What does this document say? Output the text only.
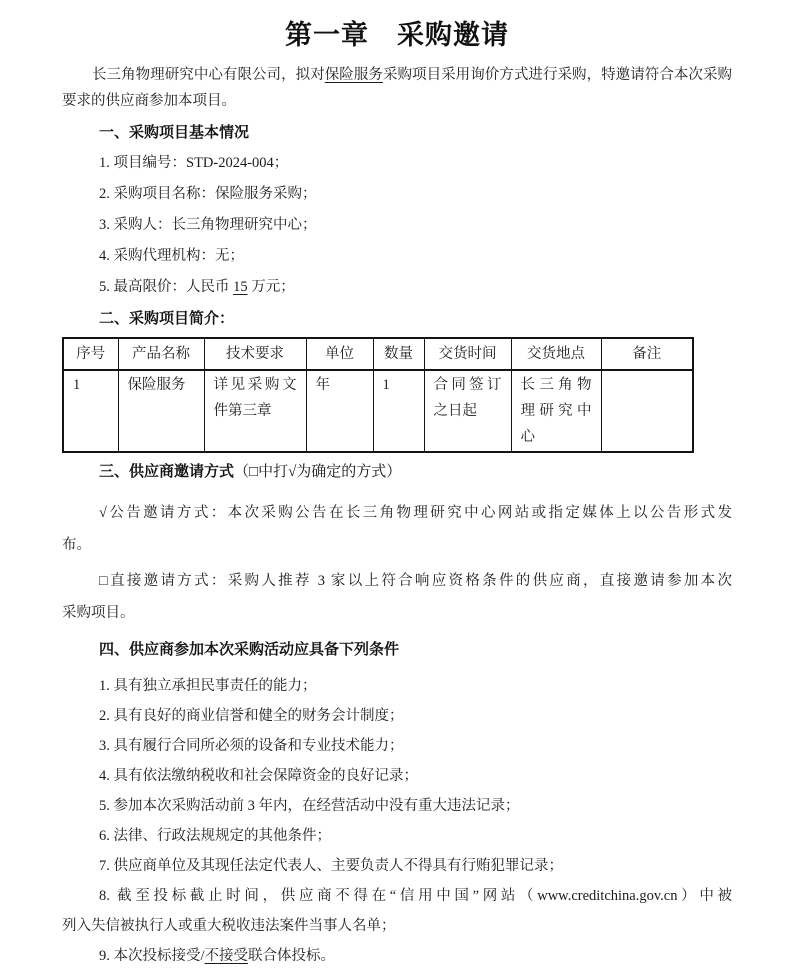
第一章　采购邀请

长三角物理研究中心有限公司，拟对保险服务采购项目采用询价方式进行采购，特邀请符合本次采购

要求的供应商参加本项目。

一、采购项目基本情况

1. 项目编号：STD-2024-004；

2. 采购项目名称：保险服务采购；

3. 采购人：长三角物理研究中心；

4. 采购代理机构：无；

5. 最高限价：人民币 15 万元；

二、采购项目简介：
序号	产品名称	技术要求	单位	数量	交货时间	交货地点	备注
1	保险服务	详见采购文件第三章	年	1	合同签订之日起	长三角物理研究中心	
三、供应商邀请方式（□中打√为确定的方式）

√公告邀请方式：本次采购公告在长三角物理研究中心网站或指定媒体上以公告形式发

布。

□直接邀请方式：采购人推荐 3 家以上符合响应资格条件的供应商，直接邀请参加本次

采购项目。

四、供应商参加本次采购活动应具备下列条件

1. 具有独立承担民事责任的能力；

2. 具有良好的商业信誉和健全的财务会计制度；

3. 具有履行合同所必须的设备和专业技术能力；

4. 具有依法缴纳税收和社会保障资金的良好记录；

5. 参加本次采购活动前 3 年内，在经营活动中没有重大违法记录；

6. 法律、行政法规规定的其他条件；

7. 供应商单位及其现任法定代表人、主要负责人不得具有行贿犯罪记录；

8. 截至投标截止时间，供应商不得在“信用中国”网站（www.creditchina.gov.cn）中被

列入失信被执行人或重大税收违法案件当事人名单；

9. 本次投标接受/不接受联合体投标。
